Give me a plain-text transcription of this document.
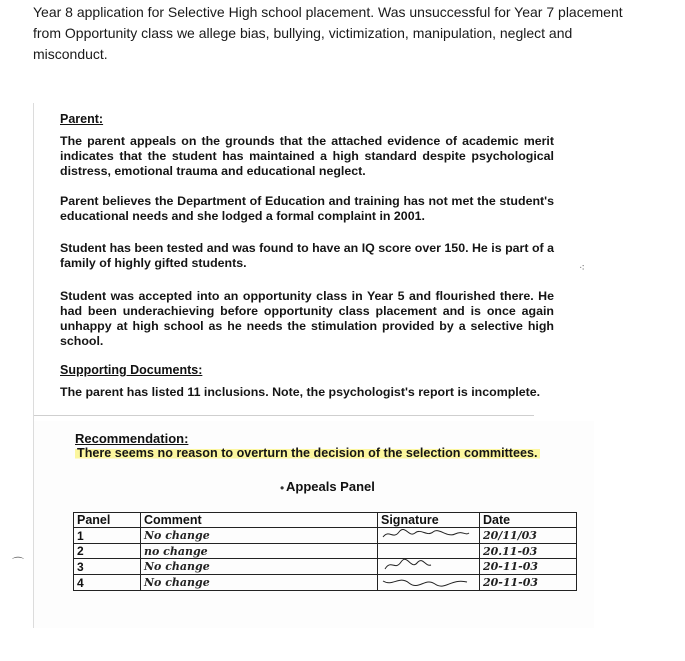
Year 8 application for Selective High school placement. Was unsuccessful for Year 7 placement from Opportunity class we allege bias, bullying, victimization, manipulation, neglect and misconduct.
Parent:
The parent appeals on the grounds that the attached evidence of academic merit indicates that the student has maintained a high standard despite psychological distress, emotional trauma and educational neglect.
Parent believes the Department of Education and training has not met the student's educational needs and she lodged a formal complaint in 2001.
Student has been tested and was found to have an IQ score over 150. He is part of a family of highly gifted students.
Student was accepted into an opportunity class in Year 5 and flourished there. He had been underachieving before opportunity class placement and is once again unhappy at high school as he needs the stimulation provided by a selective high school.
Supporting Documents:
The parent has listed 11 inclusions. Note, the psychologist's report is incomplete.
Recommendation:
There seems no reason to overturn the decision of the selection committees.
• Appeals Panel
Panel	Comment	Signature	Date
1	No change		20/11/03
2	no change		20.11-03
3	No change		20-11-03
4	No change		20-11-03
⁖
⌒
